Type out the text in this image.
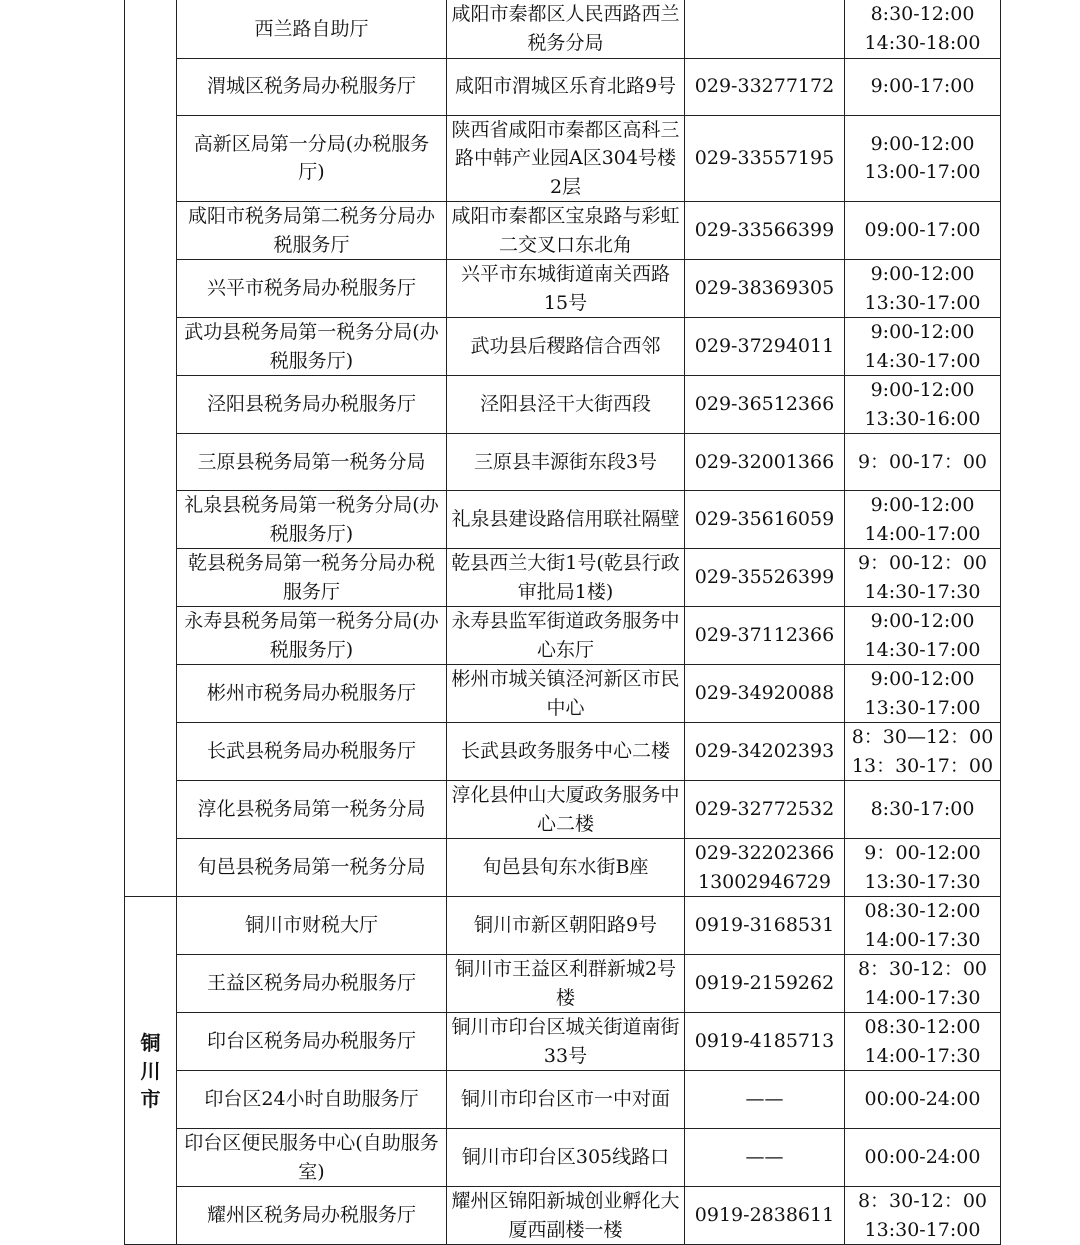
	西兰路自助厅	咸阳市秦都区人民西路西兰税务分局		8:30-12:00
14:30-18:00

	渭城区税务局办税服务厅	咸阳市渭城区乐育北路9号	029-33277172	9:00-17:00

	高新区局第一分局(办税服务厅)	陕西省咸阳市秦都区高科三路中韩产业园A区304号楼2层	029-33557195	9:00-12:00
13:00-17:00

	咸阳市税务局第二税务分局办税服务厅	咸阳市秦都区宝泉路与彩虹二交叉口东北角	029-33566399	09:00-17:00

	兴平市税务局办税服务厅	兴平市东城街道南关西路15号	029-38369305	9:00-12:00
13:30-17:00

	武功县税务局第一税务分局(办税服务厅)	武功县后稷路信合西邻	029-37294011	9:00-12:00
14:30-17:00

	泾阳县税务局办税服务厅	泾阳县泾干大街西段	029-36512366	9:00-12:00
13:30-16:00

	三原县税务局第一税务分局	三原县丰源街东段3号	029-32001366	9：00-17：00

	礼泉县税务局第一税务分局(办税服务厅)	礼泉县建设路信用联社隔壁	029-35616059	9:00-12:00
14:00-17:00

	乾县税务局第一税务分局办税服务厅	乾县西兰大街1号(乾县行政审批局1楼)	029-35526399	9：00-12：00
14:30-17:30

	永寿县税务局第一税务分局(办税服务厅)	永寿县监军街道政务服务中心东厅	029-37112366	9:00-12:00
14:30-17:00

	彬州市税务局办税服务厅	彬州市城关镇泾河新区市民中心	029-34920088	9:00-12:00
13:30-17:00

	长武县税务局办税服务厅	长武县政务服务中心二楼	029-34202393	8：30—12：00
13：30-17：00

	淳化县税务局第一税务分局	淳化县仲山大厦政务服务中心二楼	029-32772532	8:30-17:00

	旬邑县税务局第一税务分局	旬邑县旬东水街B座	029-32202366
13002946729	9：00-12:00
13:30-17:30

铜
川
市	铜川市财税大厅	铜川市新区朝阳路9号	0919-3168531	08:30-12:00
14:00-17:30

	王益区税务局办税服务厅	铜川市王益区利群新城2号楼	0919-2159262	8：30-12：00
14:00-17:30

	印台区税务局办税服务厅	铜川市印台区城关街道南街33号	0919-4185713	08:30-12:00
14:00-17:30

	印台区24小时自助服务厅	铜川市印台区市一中对面	——	00:00-24:00

	印台区便民服务中心(自助服务室)	铜川市印台区305线路口	——	00:00-24:00

	耀州区税务局办税服务厅	耀州区锦阳新城创业孵化大厦西副楼一楼	0919-2838611	8：30-12：00
13:30-17:00
